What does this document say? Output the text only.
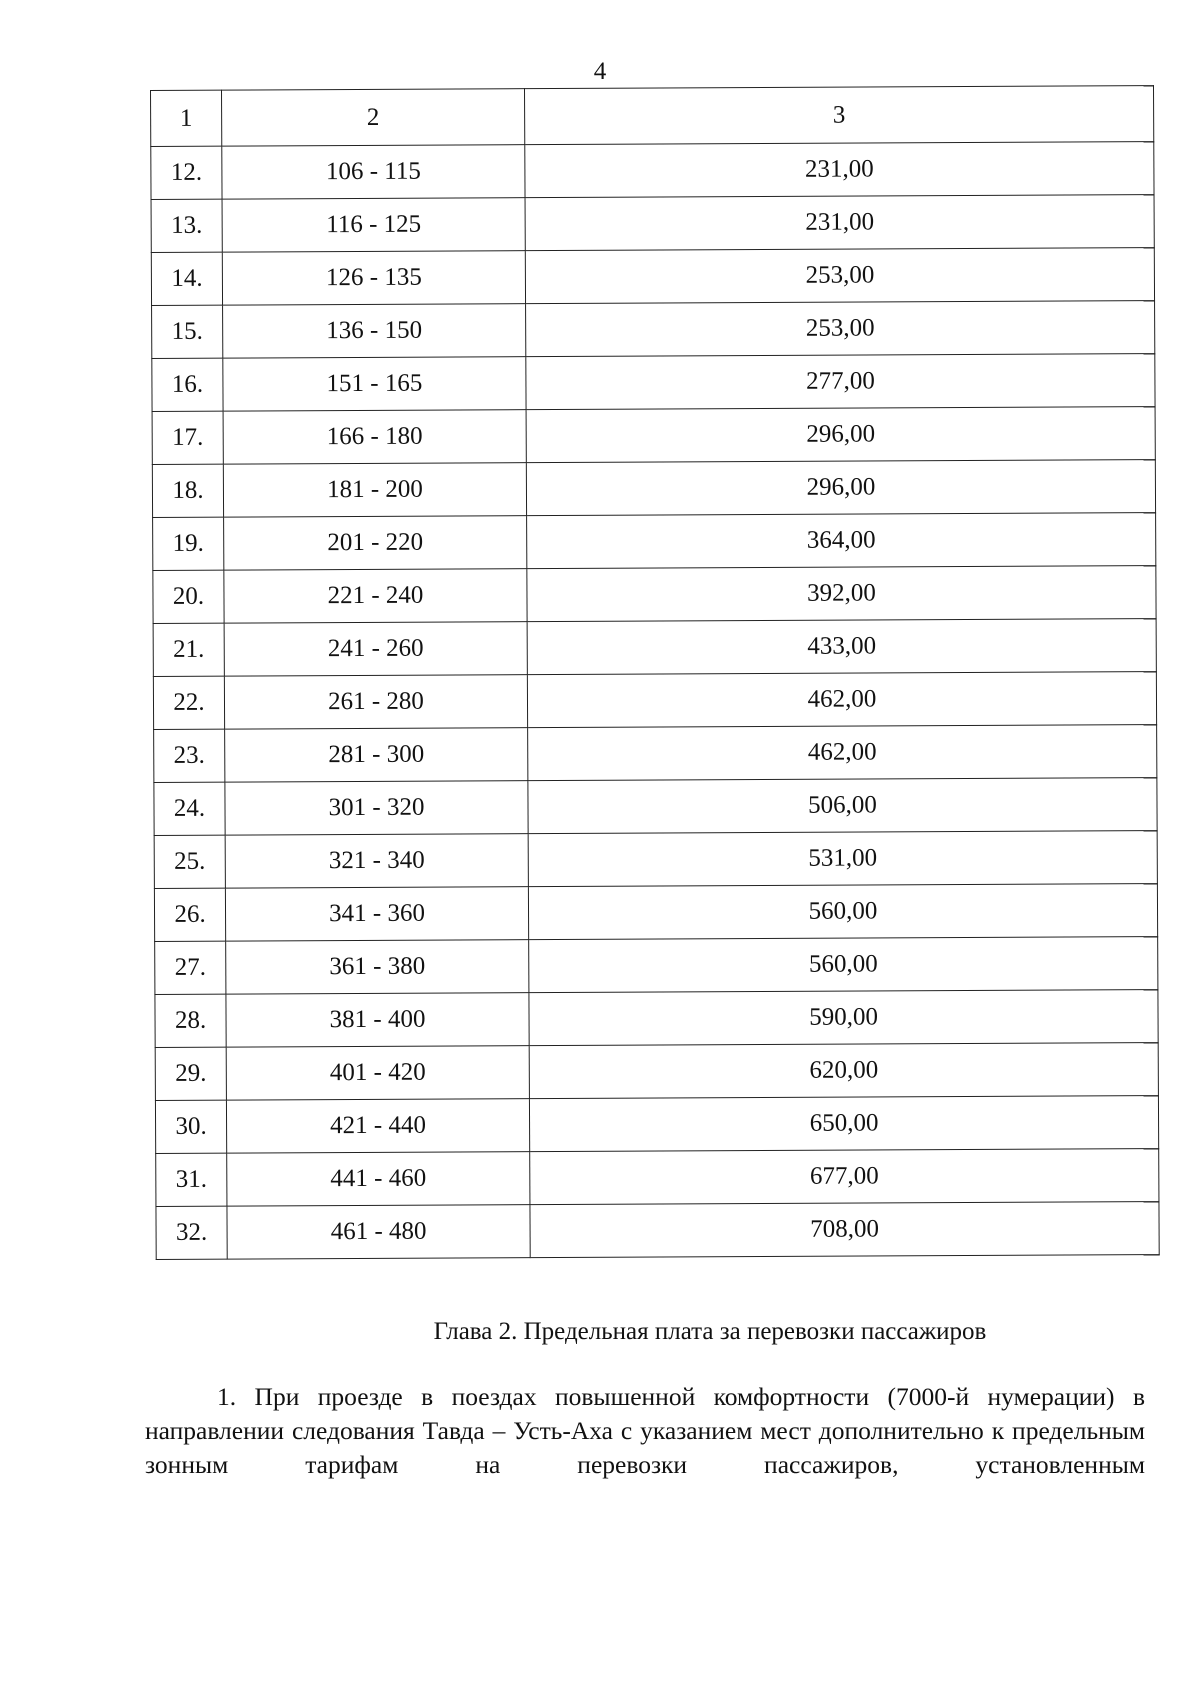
4
1	2	3
12.	106 - 115	231,00
13.	116 - 125	231,00
14.	126 - 135	253,00
15.	136 - 150	253,00
16.	151 - 165	277,00
17.	166 - 180	296,00
18.	181 - 200	296,00
19.	201 - 220	364,00
20.	221 - 240	392,00
21.	241 - 260	433,00
22.	261 - 280	462,00
23.	281 - 300	462,00
24.	301 - 320	506,00
25.	321 - 340	531,00
26.	341 - 360	560,00
27.	361 - 380	560,00
28.	381 - 400	590,00
29.	401 - 420	620,00
30.	421 - 440	650,00
31.	441 - 460	677,00
32.	461 - 480	708,00
Глава 2. Предельная плата за перевозки пассажиров

1. При проезде в поездах повышенной комфортности (7000-й нумерации) в направлении следования Тавда – Усть-Аха с указанием мест дополнительно к предельным зонным тарифам на перевозки пассажиров, установленным
